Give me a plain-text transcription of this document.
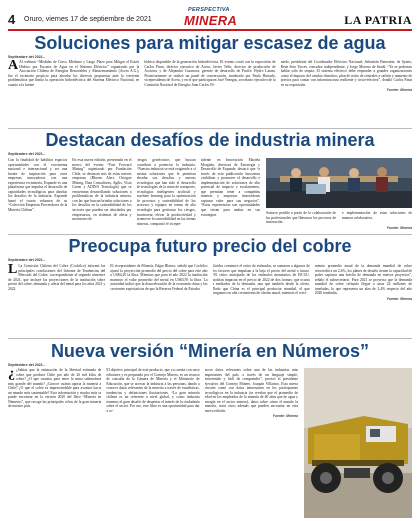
4 Oruro, viernes 17 de septiembre de 2021
PERSPECTIVA
MINERA	LA PATRIA
Soluciones para mitigar escasez de agua
Septiembre del 2021.-
A Al webinar “Medidas de Corto, Mediano y Largo Plazo para Mitigar el Estrés Hídrico por Escasez de Agua en el Sistema Eléctrico” organizado por la Asociación Chilena de Energías Renovables y Almacenamiento (Acera A.G.), fue el escenario propicio para abordar los diversos propuestas ante la creciente problemática que limita la operación hidroeléctrica del Sistema Eléctrico Nacional, en cuanto a la fuente

hídrica disponible de la generación hidroeléctrica. El evento contó con la exposición de Carlos Finat, director ejecutivo de Acera; Javier Tello, director de producción de Acciona, y de Alejandro Casanova, gerente de desarrollo de Pacific Hydro Latam. Posteriormente se realizó un panel de conversación, moderado por Paula Hurtado, vicepresidenta de Acera, y en el que participaron José Venegas, secretario ejecutivo de la Comisión Nacional de Energía; Juan Carlos Ol-

medo, presidente del Coordinador Eléctrico Nacional; Sebastián Bernstein, de Synex; Rene Soto Torres, consultor independiente, y Jorge Moreno de Inodú. “Ya se podemos hablar sólo de sequía. El sistema eléctrico debe responder a grandes organizaciones como el impacto del cambio climático, plan de retiro de centrales a carbón y aumento de precios para contar con infraestructura resiliente y costo-efectiva”, detalló Carlos Finat en su exposición.

Fuente: Minería
Destacan desafíos de industria minera
Septiembre del 2021.-

Con la finalidad de habilitar espacios oportunidades con el ecosistema nacional e internacional y ser una fuente de inspiración para otras empresas innovadoras con una experiencia en minería, Expande es una plataforma que impulsa el desarrollo de capacidades tecnológicas para abordar los desafíos de la industria. Expande lanzó el cuarto volumen de su “Colección Empresas Proveedores de la Minería Chilena”.

En esta nueva edición, presentada en el marco del evento “Fast Forward Mining” organizado por Fundación Chile, se destacan seis de estas nuevas empresas (Bloom Alert, Ortogon Mining, Data Consultores, Agilis, Vista Green y ADINA Tecnología) que se encuentran desarrollando soluciones a problemáticas de la industria minera, con las que buscan brindar soluciones a los desafíos en la sostenibilidad de los sectores que pueden ser abordados por empresarios, en sistemas de alerta y monitoreo de

riesgos geotécnicos que buscan contribuir a potenciar la industria. “Nuestra industria se está exigiendo a sí misma soluciones que le permitan abordar sus desafíos y nuevas tecnologías que han sido el desarrollo de tecnologías de la mina de transporte, tecnologías inteligentes artificial y machine learning para la optimización de procesos y sostenibilidad de los procesos y equipos en temas de alta tecnología para gestionar los riesgos, monitorear, elevar la productividad y promover la sostenibilidad en las faenas mineras, compartió el vicepre-

sidente en Innovación Mariela Morgado, directora de Estrategia y Desarrollo de Expande, destacó que “a través de esta publicación buscamos visibilizar y promover el desarrollo e implementación de soluciones de alto potencial de impacto y escalamiento, que permitan tener a compañías mineras y empresas innovadoras capturar valor para sus negocios”. “Estas experiencias son oportunidades que sirvan para ambas en sus estrategias	Sostuvo posible a partir de la colaboración de las profesionales que liberaron los procesos de innovación.
e implementación de estas soluciones de manera colaborativa.
Fuente: Minería
Preocupa futuro precio del cobre
Septiembre del 2021.-
L La Comisión Chilena del Cobre (Cochilco) informó las principales conclusiones del Informe de Tendencias del Mercado del Cobre, correspondiente al segundo trimestre de 2021, que incluye las proyecciones de la institución sobre precio del cobre, demanda y oferta del metal para los años 2021 y 2022.

El vicepresidente de Minería, Edgar Blanco, señaló que Cochilco ajustó la proyección promedio del precio del cobre para este año a US$4,20 la libra. Mientras que para el año 2022 la institución mantuvo el valor promedio del metal en US$3,95 la libra. La autoridad indicó que la desaceleración de la economía china y las crecientes expectativas de que la Reserva Federal de Estados

Unidos comience el retiro de estímulos, se sumaron a algunos de los factores que impulsan a la baja el precio del metal a futuro. “El retiro anticipado de los estímulos monetarios de EE.UU. podrían impactar en el precio de 2022 de dos formas: que ocurra a mediados de la demanda, una que también desde la oferta. Dado que China es el principal productor mundial, el que tengamos en alta crecimiento de ofertas anual, mientras el creci-

miento promedio anual de la demanda mundial de cobre retrocedió a un 2,4%, los planes de desafío tienen la capacidad de poder capturar una brecha de demanda en nuevos proyectos”, señaló el subsecretario. Para 2021 se proyecta que la demanda mundial de cobre refinado llegue a unas 24 millones de toneladas, lo que representa un alza de 2,4% respecto del año 2020 toneladas.

Fuente: Minería
Nueva versión “Minería en Números”
Septiembre del 2021.-
¿ ¿Sabías que la estimación de la libertad estimada de cobre que produce Chile por año de 26 mil kilos de cobre? ¿O que cuantos para tener la mina subterránea más grande del mundo? ¿Conoce cuánto aporta la minería a Chile? ¿O que el cobre es imprescindible para avanzar hacia un mundo más sustentable? Esta información y mucho más se puede encontrar en la versión 2020 del libro “Minería en Números”, que recoge las principales cifras de la gran minería de nuestro país.

El objetivo principal de este producto, que ya cuenta con once ediciones y es preparado por el Consejo Minero, es un recurso de consulta de la Cámara de Minería y el Ministerio de Educación, que se acercar la industria a las personas, dando a conocer datos relevantes de la minería a través de estadísticas, tendencias y definiciones ilustraciones. “La gran minería chilena es un referente a nivel global, y como industria tenemos el gran desafío de despertar el interés de la ciudadanía sobre el sector. Por eso, este libro es una oportunidad para dar a co-

nocer datos relevantes sobre una de las industrias más importantes del país, a través de un lenguaje simple, entretenido y fácil de comprender”, precisó el presidente ejecutivo del Consejo Minero, Joaquín Villarino. Esta nueva versión contó con datos interesantes en los participantes tecnológicos en la industria (se revelan que el promedio de edad en los empleados de la minería de 40 años que de agua y energía en el sector minero), datos sobre cómo el mundo la minería, estos otros además que pueden encontrar en esta nueva edición.

Fuente: Minería
